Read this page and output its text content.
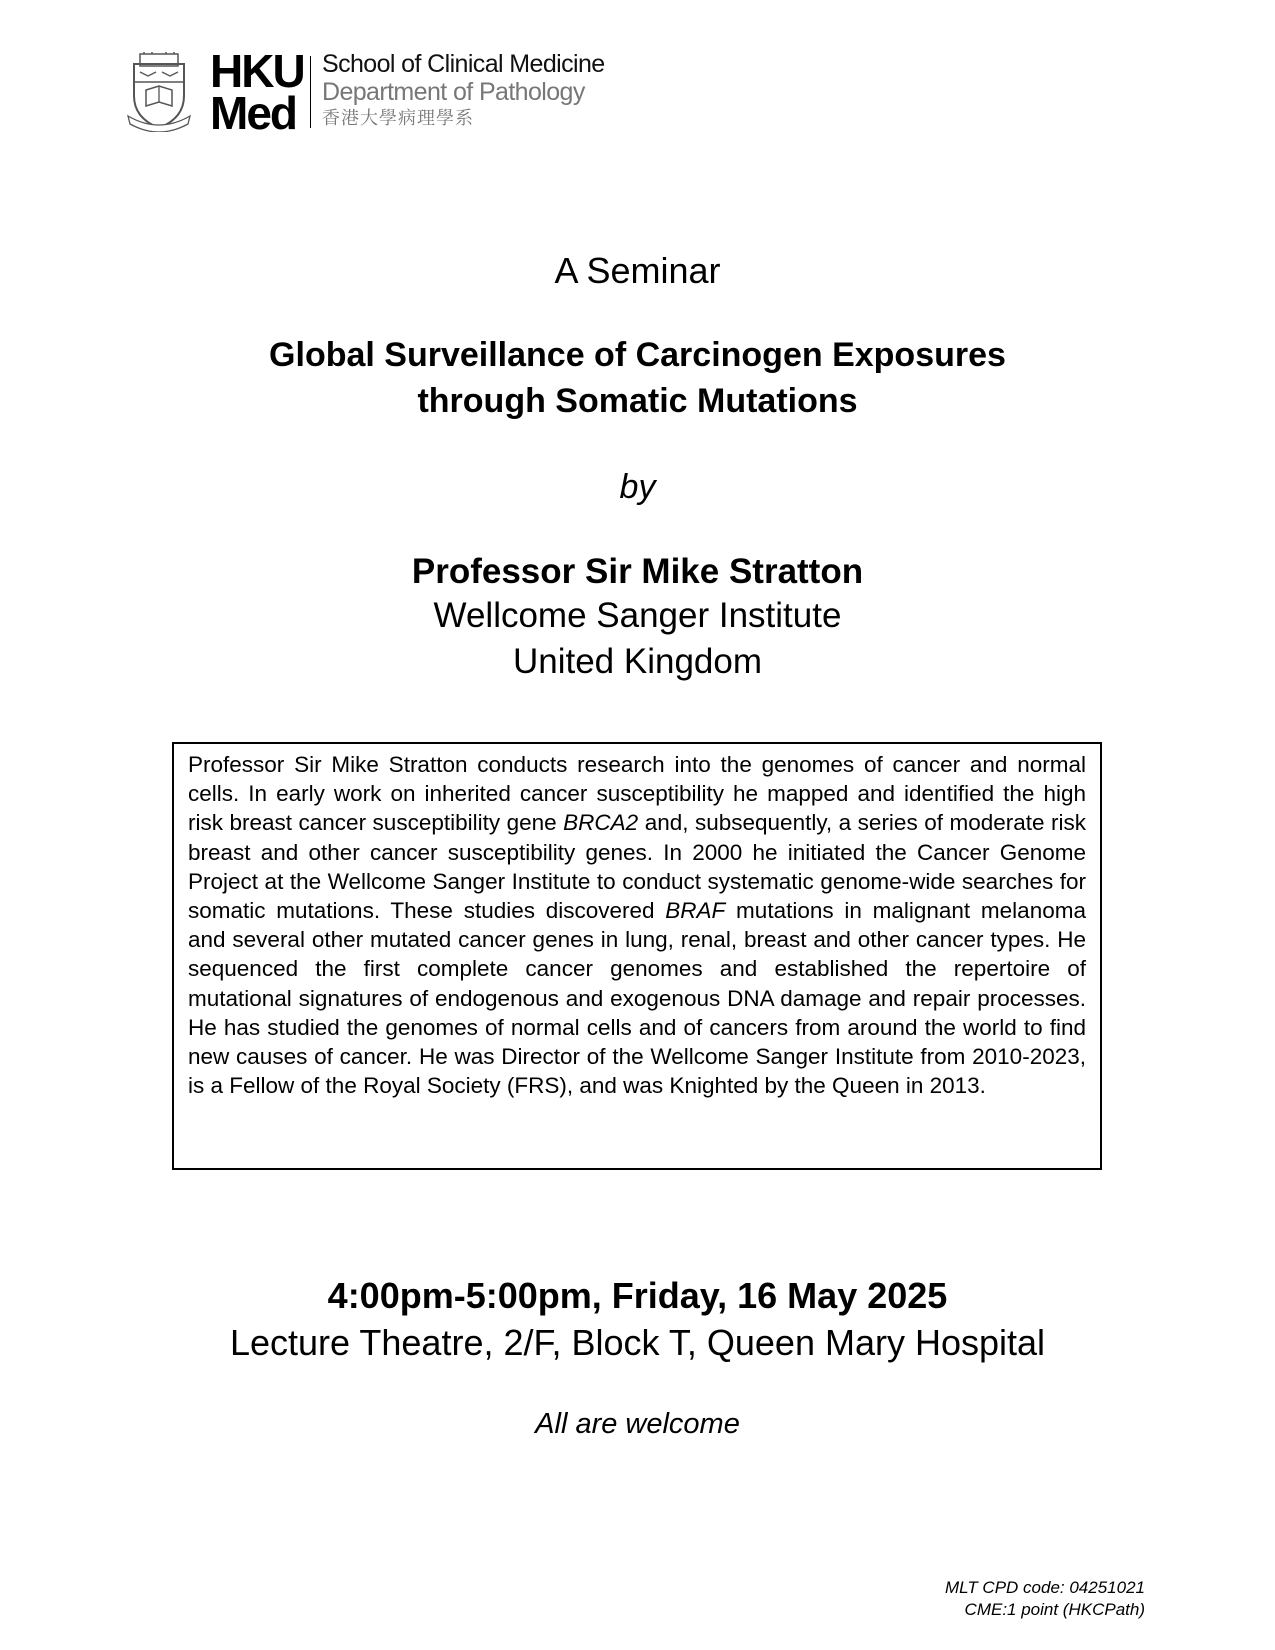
HKU
Med
School of Clinical Medicine
Department of Pathology
香港大學病理學系
A Seminar
Global Surveillance of Carcinogen Exposures
through Somatic Mutations
by
Professor Sir Mike Stratton
Wellcome Sanger Institute
United Kingdom

Professor Sir Mike Stratton conducts research into the genomes of cancer and normal cells. In early work on inherited cancer susceptibility he mapped and identified the high risk breast cancer susceptibility gene BRCA2 and, subsequently, a series of moderate risk breast and other cancer susceptibility genes. In 2000 he initiated the Cancer Genome Project at the Wellcome Sanger Institute to conduct systematic genome-wide searches for somatic mutations. These studies discovered BRAF mutations in malignant melanoma and several other mutated cancer genes in lung, renal, breast and other cancer types. He sequenced the first complete cancer genomes and established the repertoire of mutational signatures of endogenous and exogenous DNA damage and repair processes. He has studied the genomes of normal cells and of cancers from around the world to find new causes of cancer. He was Director of the Wellcome Sanger Institute from 2010-2023, is a Fellow of the Royal Society (FRS), and was Knighted by the Queen in 2013.

4:00pm-5:00pm, Friday, 16 May 2025
Lecture Theatre, 2/F, Block T, Queen Mary Hospital
All are welcome
MLT CPD code: 04251021
CME:1 point (HKCPath)
